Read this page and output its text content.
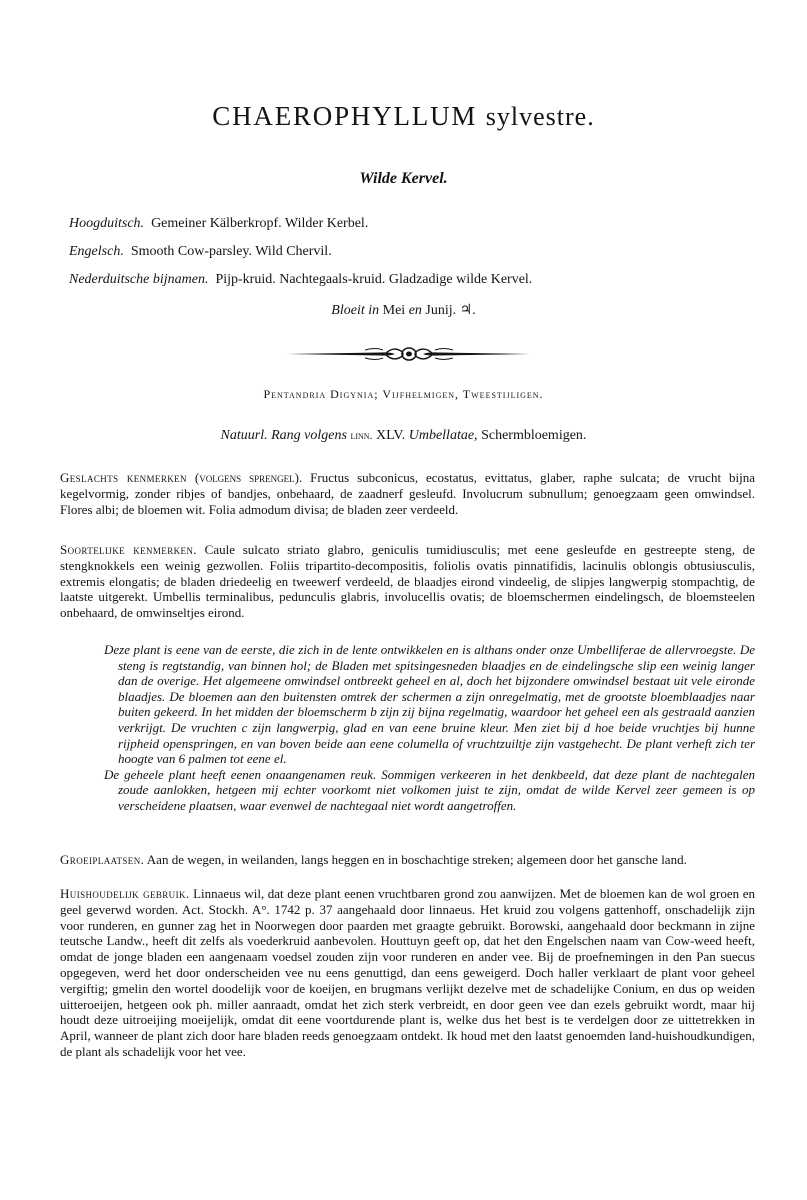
CHAEROPHYLLUM sylvestre.
Wilde Kervel.
Hoogduitsch. Gemeiner Kälberkropf. Wilder Kerbel.
Engelsch. Smooth Cow-parsley. Wild Chervil.
Nederduitsche bijnamen. Pijp-kruid. Nachtegaals-kruid. Gladzadige wilde Kervel.
Bloeit in Mei en Junij. ♃.
Pentandria Digynia; Vijfhelmigen, Tweestijligen.
Natuurl. Rang volgens linn. XLV. Umbellatae, Schermbloemigen.
Geslachts kenmerken (volgens sprengel). Fructus subconicus, ecostatus, evittatus, glaber, raphe sulcata; de vrucht bijna kegelvormig, zonder ribjes of bandjes, onbehaard, de zaadnerf gesleufd. Involucrum subnullum; genoegzaam geen omwindsel. Flores albi; de bloemen wit. Folia admodum divisa; de bladen zeer verdeeld.
Soortelijke kenmerken. Caule sulcato striato glabro, geniculis tumidiusculis; met eene gesleufde en gestreepte steng, de stengknokkels een weinig gezwollen. Foliis tripartito-decompositis, foliolis ovatis pinnatifidis, lacinulis oblongis obtusiusculis, extremis elongatis; de bladen driedeelig en tweewerf verdeeld, de blaadjes eirond vindeelig, de slipjes langwerpig stompachtig, de laatste uitgerekt. Umbellis terminalibus, pedunculis glabris, involucellis ovatis; de bloemschermen eindelingsch, de bloemsteelen onbehaard, de omwinseltjes eirond.

Deze plant is eene van de eerste, die zich in de lente ontwikkelen en is althans onder onze Umbelliferae de allervroegste. De steng is regtstandig, van binnen hol; de Bladen met spitsingesneden blaadjes en de eindelingsche slip een weinig langer dan de overige. Het algemeene omwindsel ontbreekt geheel en al, doch het bijzondere omwindsel bestaat uit vele eironde blaadjes. De bloemen aan den buitensten omtrek der schermen a zijn onregelmatig, met de grootste bloemblaadjes naar buiten gekeerd. In het midden der bloemscherm b zijn zij bijna regelmatig, waardoor het geheel een als gestraald aanzien verkrijgt. De vruchten c zijn langwerpig, glad en van eene bruine kleur. Men ziet bij d hoe beide vruchtjes bij hunne rijpheid openspringen, en van boven beide aan eene columella of vruchtzuiltje zijn vastgehecht. De plant verheft zich ter hoogte van 6 palmen tot eene el.

De geheele plant heeft eenen onaangenamen reuk. Sommigen verkeeren in het denkbeeld, dat deze plant de nachtegalen zoude aanlokken, hetgeen mij echter voorkomt niet volkomen juist te zijn, omdat de wilde Kervel zeer gemeen is op verscheidene plaatsen, waar evenwel de nachtegaal niet wordt aangetroffen.

Groeiplaatsen. Aan de wegen, in weilanden, langs heggen en in boschachtige streken; algemeen door het gansche land.
Huishoudelijk gebruik. Linnaeus wil, dat deze plant eenen vruchtbaren grond zou aanwijzen. Met de bloemen kan de wol groen en geel geverwd worden. Act. Stockh. A°. 1742 p. 37 aangehaald door linnaeus. Het kruid zou volgens gattenhoff, onschadelijk zijn voor runderen, en gunner zag het in Noorwegen door paarden met graagte gebruikt. Borowski, aangehaald door beckmann in zijne teutsche Landw., heeft dit zelfs als voederkruid aanbevolen. Houttuyn geeft op, dat het den Engelschen naam van Cow-weed heeft, omdat de jonge bladen een aangenaam voedsel zouden zijn voor runderen en ander vee. Bij de proefnemingen in den Pan suecus opgegeven, werd het door onderscheiden vee nu eens genuttigd, dan eens geweigerd. Doch haller verklaart de plant voor geheel vergiftig; gmelin den wortel doodelijk voor de koeijen, en brugmans verlijkt dezelve met de schadelijke Conium, en dus op weiden uitteroeijen, hetgeen ook ph. miller aanraadt, omdat het zich sterk verbreidt, en door geen vee dan ezels gebruikt wordt, maar hij houdt deze uitroeijing moeijelijk, omdat dit eene voortdurende plant is, welke dus het best is te verdelgen door ze uittetrekken in April, wanneer de plant zich door hare bladen reeds genoegzaam ontdekt. Ik houd met den laatst genoemden land-huishoudkundigen, de plant als schadelijk voor het vee.
